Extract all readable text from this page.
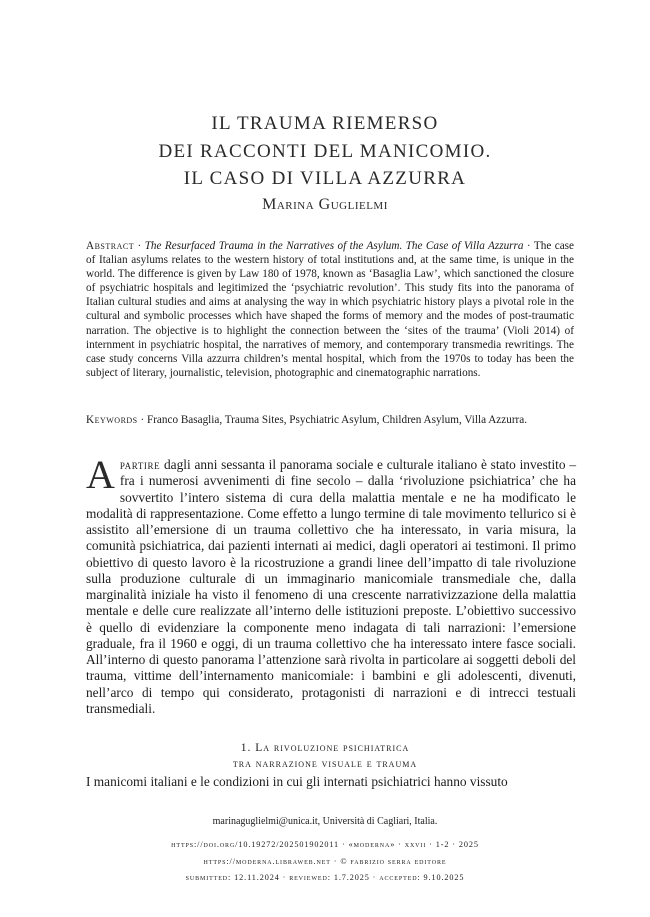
IL TRAUMA RIEMERSO
DEI RACCONTI DEL MANICOMIO.
IL CASO DI VILLA AZZURRA
Marina Guglielmi
Abstract · The Resurfaced Trauma in the Narratives of the Asylum. The Case of Villa Azzurra · The case of Italian asylums relates to the western history of total institutions and, at the same time, is unique in the world. The difference is given by Law 180 of 1978, known as ‘Basaglia Law’, which sanctioned the closure of psychiatric hospitals and legitimized the ‘psychiatric revolution’. This study fits into the panorama of Italian cultural studies and aims at analysing the way in which psychiatric history plays a pivotal role in the cultural and symbolic processes which have shaped the forms of memory and the modes of post-traumatic narration. The objective is to highlight the connection between the ‘sites of the trauma’ (Violi 2014) of internment in psychiatric hospital, the narratives of memory, and contemporary transmedia rewritings. The case study concerns Villa azzurra children’s mental hospital, which from the 1970s to today has been the subject of literary, journalistic, television, photographic and cinematographic narrations.
Keywords · Franco Basaglia, Trauma Sites, Psychiatric Asylum, Children Asylum, Villa Azzurra.
Apartire dagli anni sessanta il panorama sociale e culturale italiano è stato investito – fra i numerosi avvenimenti di fine secolo – dalla ‘rivoluzione psichiatrica’ che ha sovvertito l’intero sistema di cura della malattia mentale e ne ha modificato le modalità di rappresentazione. Come effetto a lungo termine di tale movimento tellurico si è assistito all’emersione di un trauma collettivo che ha interessato, in varia misura, la comunità psichiatrica, dai pazienti internati ai medici, dagli operatori ai testimoni. Il primo obiettivo di questo lavoro è la ricostruzione a grandi linee dell’impatto di tale rivoluzione sulla produzione culturale di un immaginario manicomiale transmediale che, dalla marginalità iniziale ha visto il fenomeno di una crescente narrativizzazione della malattia mentale e delle cure realizzate all’interno delle istituzioni preposte. L’obiettivo successivo è quello di evidenziare la componente meno indagata di tali narrazioni: l’emersione graduale, fra il 1960 e oggi, di un trauma collettivo che ha interessato intere fasce sociali. All’interno di questo panorama l’attenzione sarà rivolta in particolare ai soggetti deboli del trauma, vittime dell’internamento manicomiale: i bambini e gli adolescenti, divenuti, nell’arco di tempo qui considerato, protagonisti di narrazioni e di intrecci testuali transmediali.
1. La rivoluzione psichiatrica
tra narrazione visuale e trauma
I manicomi italiani e le condizioni in cui gli internati psichiatrici hanno vissuto
marinaguglielmi@unica.it, Università di Cagliari, Italia.
https://doi.org/10.19272/202501902011 · «moderna» · xxvii · 1-2 · 2025
https://moderna.libraweb.net · © fabrizio serra editore
submitted: 12.11.2024 · reviewed: 1.7.2025 · accepted: 9.10.2025
